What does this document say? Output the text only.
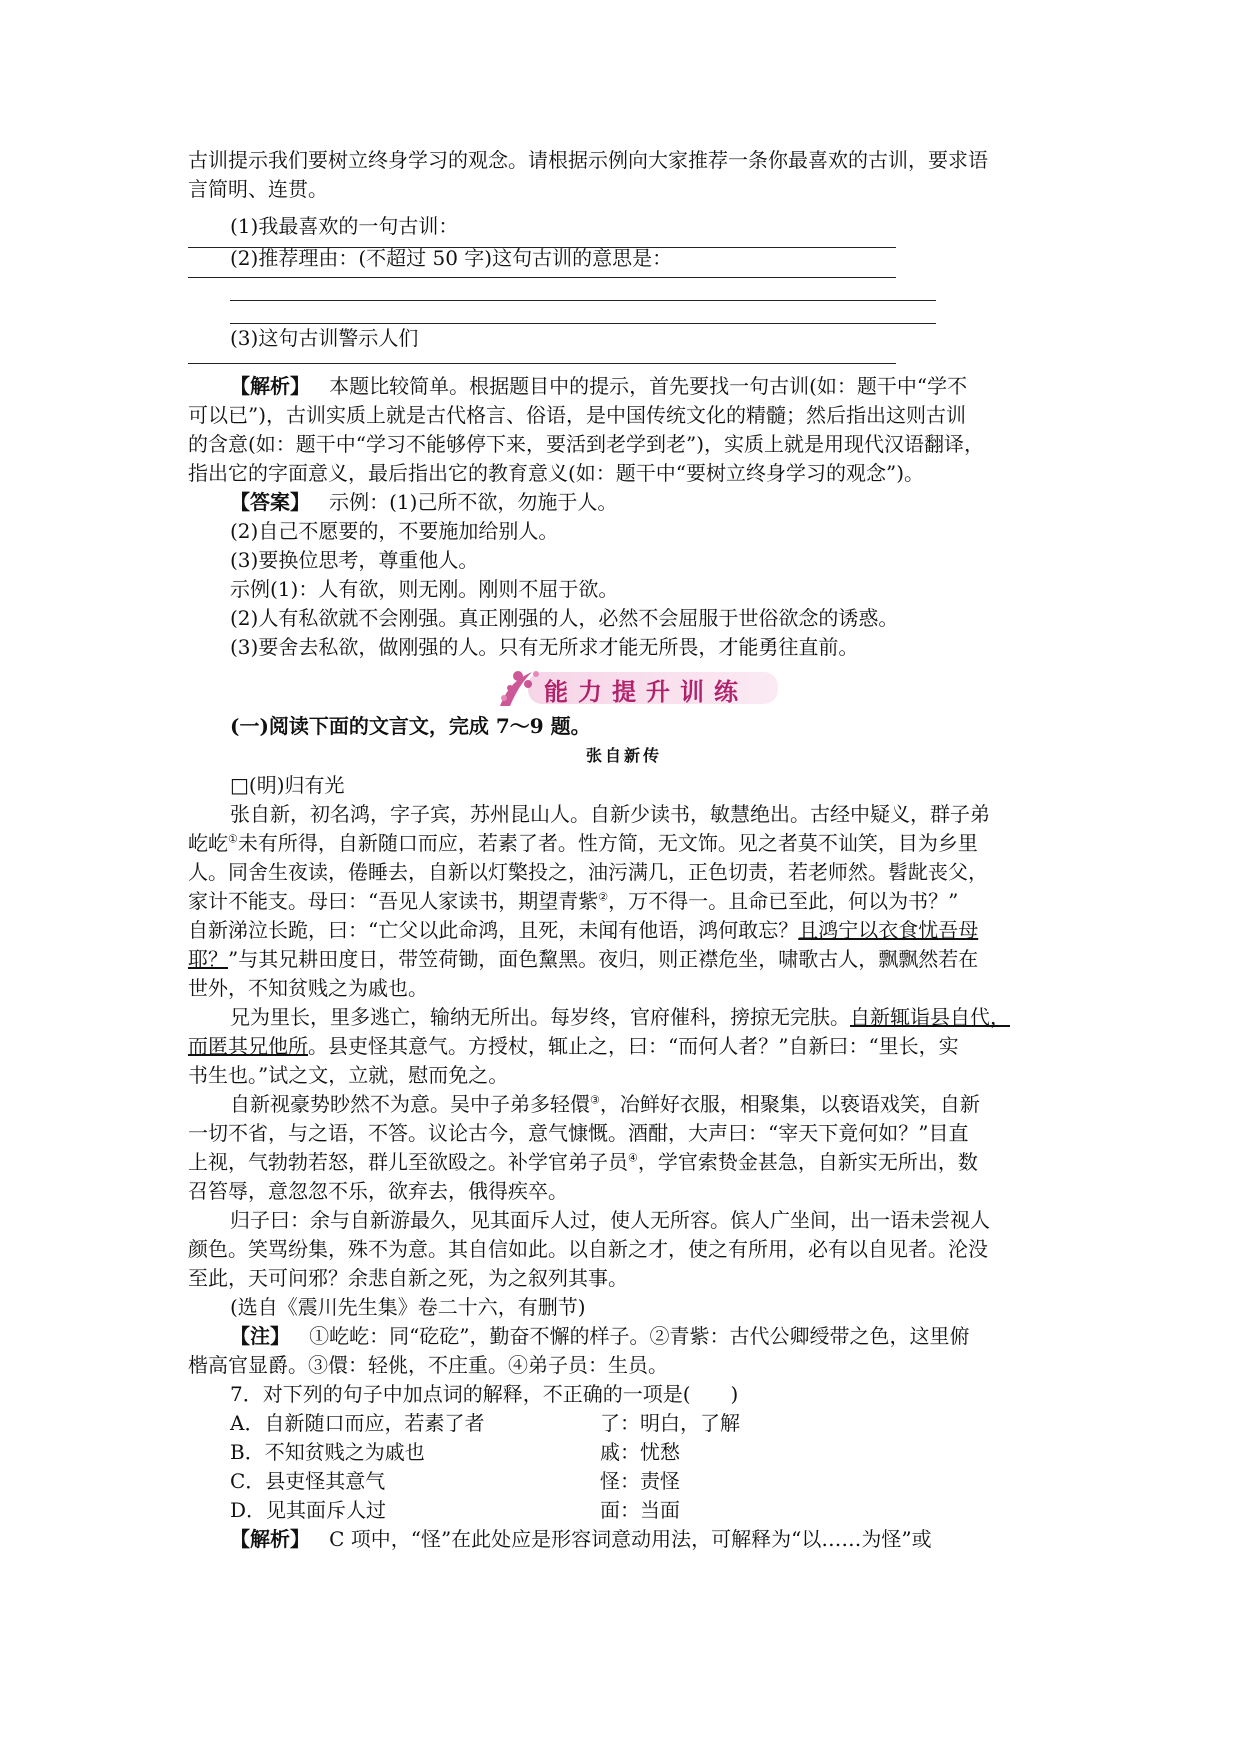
古训提示我们要树立终身学习的观念。请根据示例向大家推荐一条你最喜欢的古训，要求语

言简明、连贯。

(1)我最喜欢的一句古训：

(2)推荐理由：(不超过 50 字)这句古训的意思是：

(3)这句古训警示人们

【解析】 本题比较简单。根据题目中的提示，首先要找一句古训(如：题干中“学不

可以已”)，古训实质上就是古代格言、俗语，是中国传统文化的精髓；然后指出这则古训

的含意(如：题干中“学习不能够停下来，要活到老学到老”)，实质上就是用现代汉语翻译，

指出它的字面意义，最后指出它的教育意义(如：题干中“要树立终身学习的观念”)。

【答案】 示例：(1)己所不欲，勿施于人。

(2)自己不愿要的，不要施加给别人。

(3)要换位思考，尊重他人。

示例(1)：人有欲，则无刚。刚则不屈于欲。

(2)人有私欲就不会刚强。真正刚强的人，必然不会屈服于世俗欲念的诱惑。

(3)要舍去私欲，做刚强的人。只有无所求才能无所畏，才能勇往直前。

能力提升训练

(一)阅读下面的文言文，完成 7～9 题。

张自新传

□(明)归有光

张自新，初名鸿，字子宾，苏州昆山人。自新少读书，敏慧绝出。古经中疑义，群子弟

屹屹①未有所得，自新随口而应，若素了者。性方简，无文饰。见之者莫不讪笑，目为乡里

人。同舍生夜读，倦睡去，自新以灯檠投之，油污满几，正色切责，若老师然。髫龀丧父，

家计不能支。母曰：“吾见人家读书，期望青紫②，万不得一。且命已至此，何以为书？”

自新涕泣长跪，曰：“亡父以此命鸿，且死，未闻有他语，鸿何敢忘？且鸿宁以衣食忧吾母

耶？”与其兄耕田度日，带笠荷锄，面色黧黑。夜归，则正襟危坐，啸歌古人，飘飘然若在

世外，不知贫贱之为戚也。

兄为里长，里多逃亡，输纳无所出。每岁终，官府催科，搒掠无完肤。自新辄诣县自代，

而匿其兄他所。县吏怪其意气。方授杖，辄止之，曰：“而何人者？”自新曰：“里长，实

书生也。”试之文，立就，慰而免之。

自新视豪势眇然不为意。吴中子弟多轻儇③，冶鲜好衣服，相聚集，以亵语戏笑，自新

一切不省，与之语，不答。议论古今，意气慷慨。酒酣，大声曰：“宰天下竟何如？”目直

上视，气勃勃若怒，群儿至欲殴之。补学官弟子员④，学官索贽金甚急，自新实无所出，数

召笞辱，意忽忽不乐，欲弃去，俄得疾卒。

归子曰：余与自新游最久，见其面斥人过，使人无所容。傧人广坐间，出一语未尝视人

颜色。笑骂纷集，殊不为意。其自信如此。以自新之才，使之有所用，必有以自见者。沦没

至此，天可问邪？余悲自新之死，为之叙列其事。

(选自《震川先生集》卷二十六，有删节)

【注】 ①屹屹：同“矻矻”，勤奋不懈的样子。②青紫：古代公卿绶带之色，这里俯

楷高官显爵。③儇：轻佻，不庄重。④弟子员：生员。

7．对下列的句子中加点词的解释，不正确的一项是(　　)

A．自新随口而应，若素了者	了：明白，了解
B．不知贫贱之为戚也	戚：忧愁
C．县吏怪其意气	怪：责怪
D．见其面斥人过	面：当面

【解析】 C 项中，“怪”在此处应是形容词意动用法，可解释为“以……为怪”或
